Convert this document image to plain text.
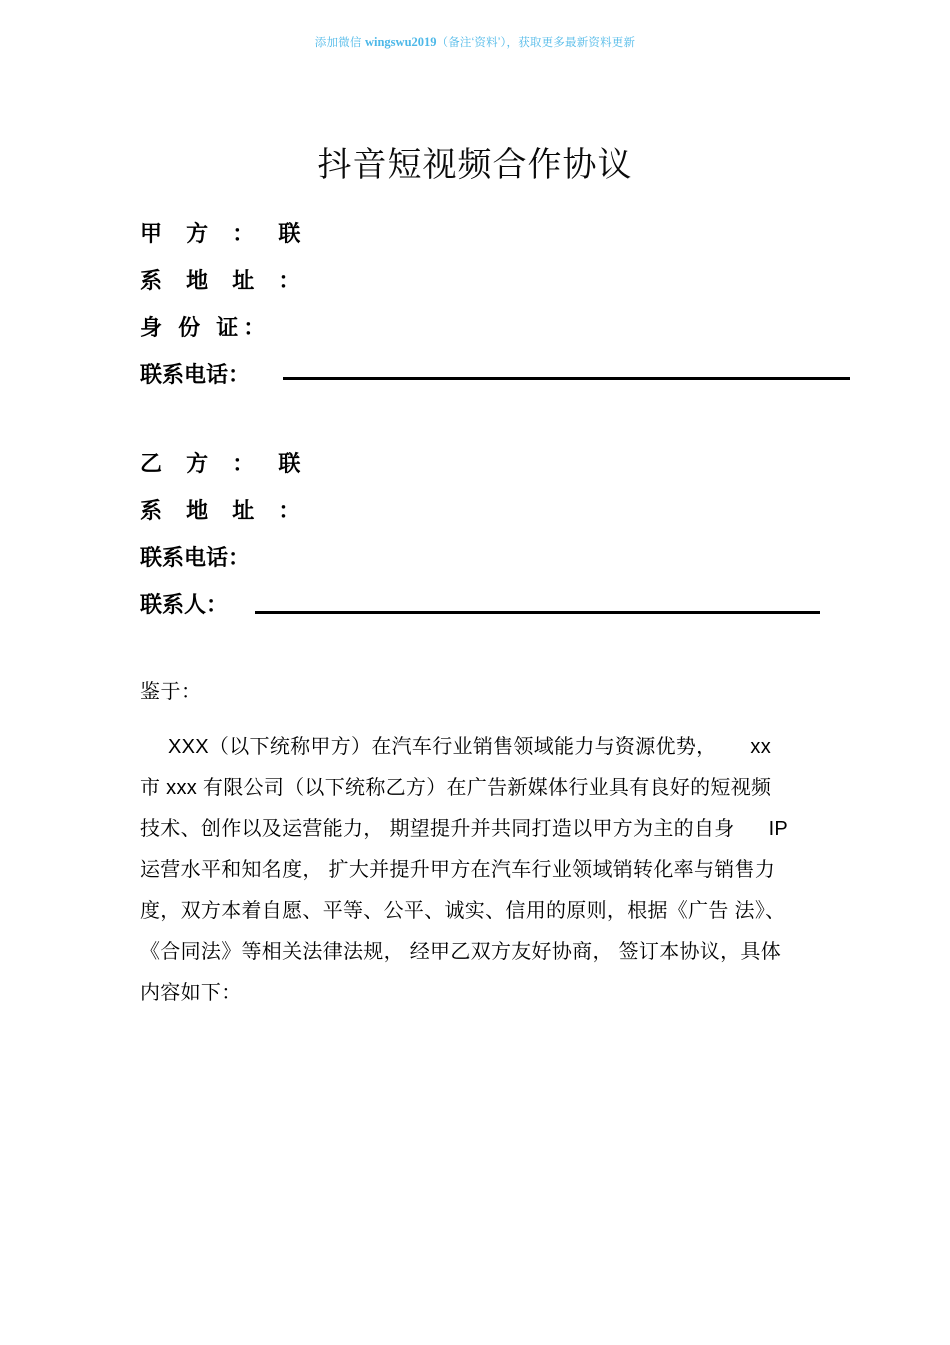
添加微信 wingswu2019（备注‘资料’），获取更多最新资料更新
抖音短视频合作协议
甲 方 ： 联
系 地 址 ：
身 份 证：
联系电话：
乙 方 ： 联
系 地 址 ：
联系电话：
联系人：
鉴于：
XXX（以下统称甲方）在汽车行业销售领域能力与资源优势， xx
市 xxx 有限公司（以下统称乙方）在广告新媒体行业具有良好的短视频
技术、创作以及运营能力， 期望提升并共同打造以甲方为主的自身 IP
运营水平和知名度， 扩大并提升甲方在汽车行业领域销转化率与销售力
度，双方本着自愿、平等、公平、诚实、信用的原则，根据《广告 法》、
《合同法》等相关法律法规， 经甲乙双方友好协商， 签订本协议，具体
内容如下：
